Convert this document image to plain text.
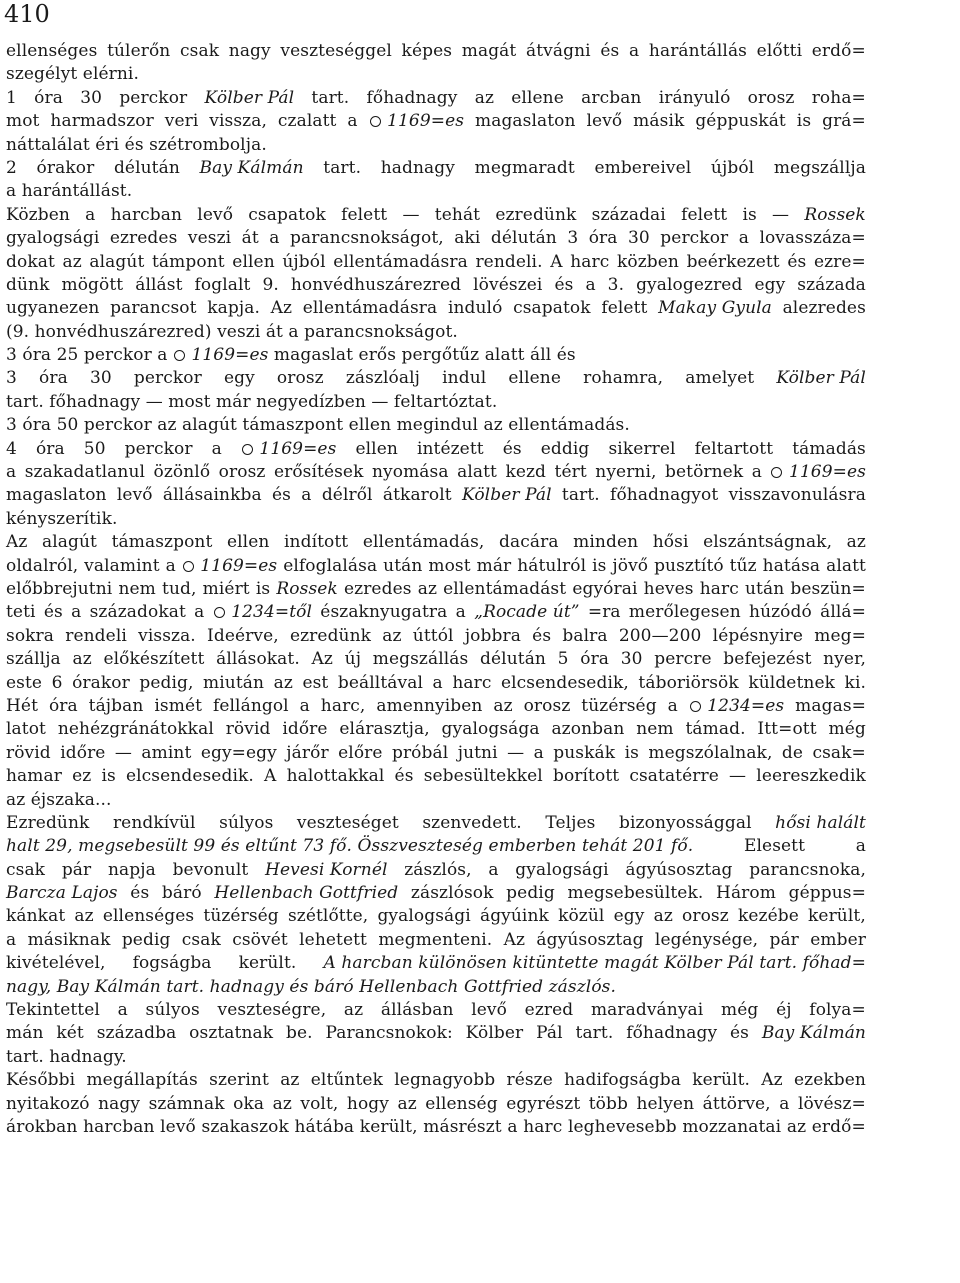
410
ellenséges túlerőn csak nagy veszteséggel képes magát átvágni és a harántállás előtti erdő=
szegélyt elérni.
1 óra 30 perckor Kölber Pál tart. főhadnagy az ellene arcban irányuló orosz roha=
mot harmadszor veri vissza, czalatt a	1169=es magaslaton levő másik géppuskát is grá=
náttalálat éri és szétrombolja.
2 órakor délután Bay Kálmán tart. hadnagy megmaradt embereivel újból megszállja
a harántállást.
Közben a harcban levő csapatok felett — tehát ezredünk századai felett is — Rossek
gyalogsági ezredes veszi át a parancsnokságot, aki délután 3 óra 30 perckor a lovasszáza=
dokat az alagút támpont ellen újból ellentámadásra rendeli. A harc közben beérkezett és ezre=
dünk mögött állást foglalt 9. honvédhuszárezred lövészei és a 3. gyalogezred egy százada
ugyanezen parancsot kapja. Az ellentámadásra induló csapatok felett Makay Gyula alezredes
(9. honvédhuszárezred) veszi át a parancsnokságot.
3 óra 25 perckor a	1169=es magaslat erős pergőtűz alatt áll és
3 óra 30 perckor egy orosz zászlóalj indul ellene rohamra, amelyet Kölber Pál
tart. főhadnagy — most már negyedízben — feltartóztat.
3 óra 50 perckor az alagút támaszpont ellen megindul az ellentámadás.
4 óra 50 perckor a	1169=es ellen intézett és eddig sikerrel feltartott támadás
a szakadatlanul özönlő orosz erősítések nyomása alatt kezd tért nyerni, betörnek a	1169=es
magaslaton levő állásainkba és a délről átkarolt Kölber Pál tart. főhadnagyot visszavonulásra
kényszerítik.
Az alagút támaszpont ellen indított ellentámadás, dacára minden hősi elszántságnak, az
oldalról, valamint a	1169=es elfoglalása után most már hátulról is jövő pusztító tűz hatása alatt
előbbrejutni nem tud, miért is Rossek ezredes az ellentámadást egyórai heves harc után beszün=
teti és a századokat a	1234=től északnyugatra a „Rocade út” =ra merőlegesen húzódó állá=
sokra rendeli vissza. Ideérve, ezredünk az úttól jobbra és balra 200—200 lépésnyire meg=
szállja az előkészített állásokat. Az új megszállás délután 5 óra 30 percre befejezést nyer,
este 6 órakor pedig, miután az est beálltával a harc elcsendesedik, táboriörsök küldetnek ki.
Hét óra tájban ismét fellángol a harc, amennyiben az orosz tüzérség a	1234=es magas=
latot nehézgránátokkal rövid időre elárasztja, gyalogsága azonban nem támad. Itt=ott még
rövid időre — amint egy=egy járőr előre próbál jutni — a puskák is megszólalnak, de csak=
hamar ez is elcsendesedik. A halottakkal és sebesültekkel borított csatatérre — leereszkedik
az éjszaka...
Ezredünk rendkívül súlyos veszteséget szenvedett. Teljes bizonyossággal hősi halált
halt 29, megsebesült 99 és eltűnt 73 fő. Összveszteség emberben tehát 201 fő.	Elesett	a
csak pár napja bevonult Hevesi Kornél zászlós, a gyalogsági ágyúsosztag parancsnoka,
Barcza Lajos és báró Hellenbach Gottfried zászlósok pedig megsebesültek. Három géppus=
kánkat az ellenséges tüzérség szétlőtte, gyalogsági ágyúink közül egy az orosz kezébe került,
a másiknak pedig csak csövét lehetett megmenteni. Az ágyúsosztag legénysége, pár ember
kivételével, fogságba került. A harcban különösen kitüntette magát Kölber Pál tart. főhad=
nagy, Bay Kálmán tart. hadnagy és báró Hellenbach Gottfried zászlós.
Tekintettel a súlyos veszteségre, az állásban levő ezred maradványai még éj folya=
mán két századba osztatnak be. Parancsnokok: Kölber Pál tart. főhadnagy és Bay Kálmán
tart. hadnagy.
Későbbi megállapítás szerint az eltűntek legnagyobb része hadifogságba került. Az ezekben
nyitakozó nagy számnak oka az volt, hogy az ellenség egyrészt több helyen áttörve, a lövész=
árokban harcban levő szakaszok hátába került, másrészt a harc leghevesebb mozzanatai az erdő=
